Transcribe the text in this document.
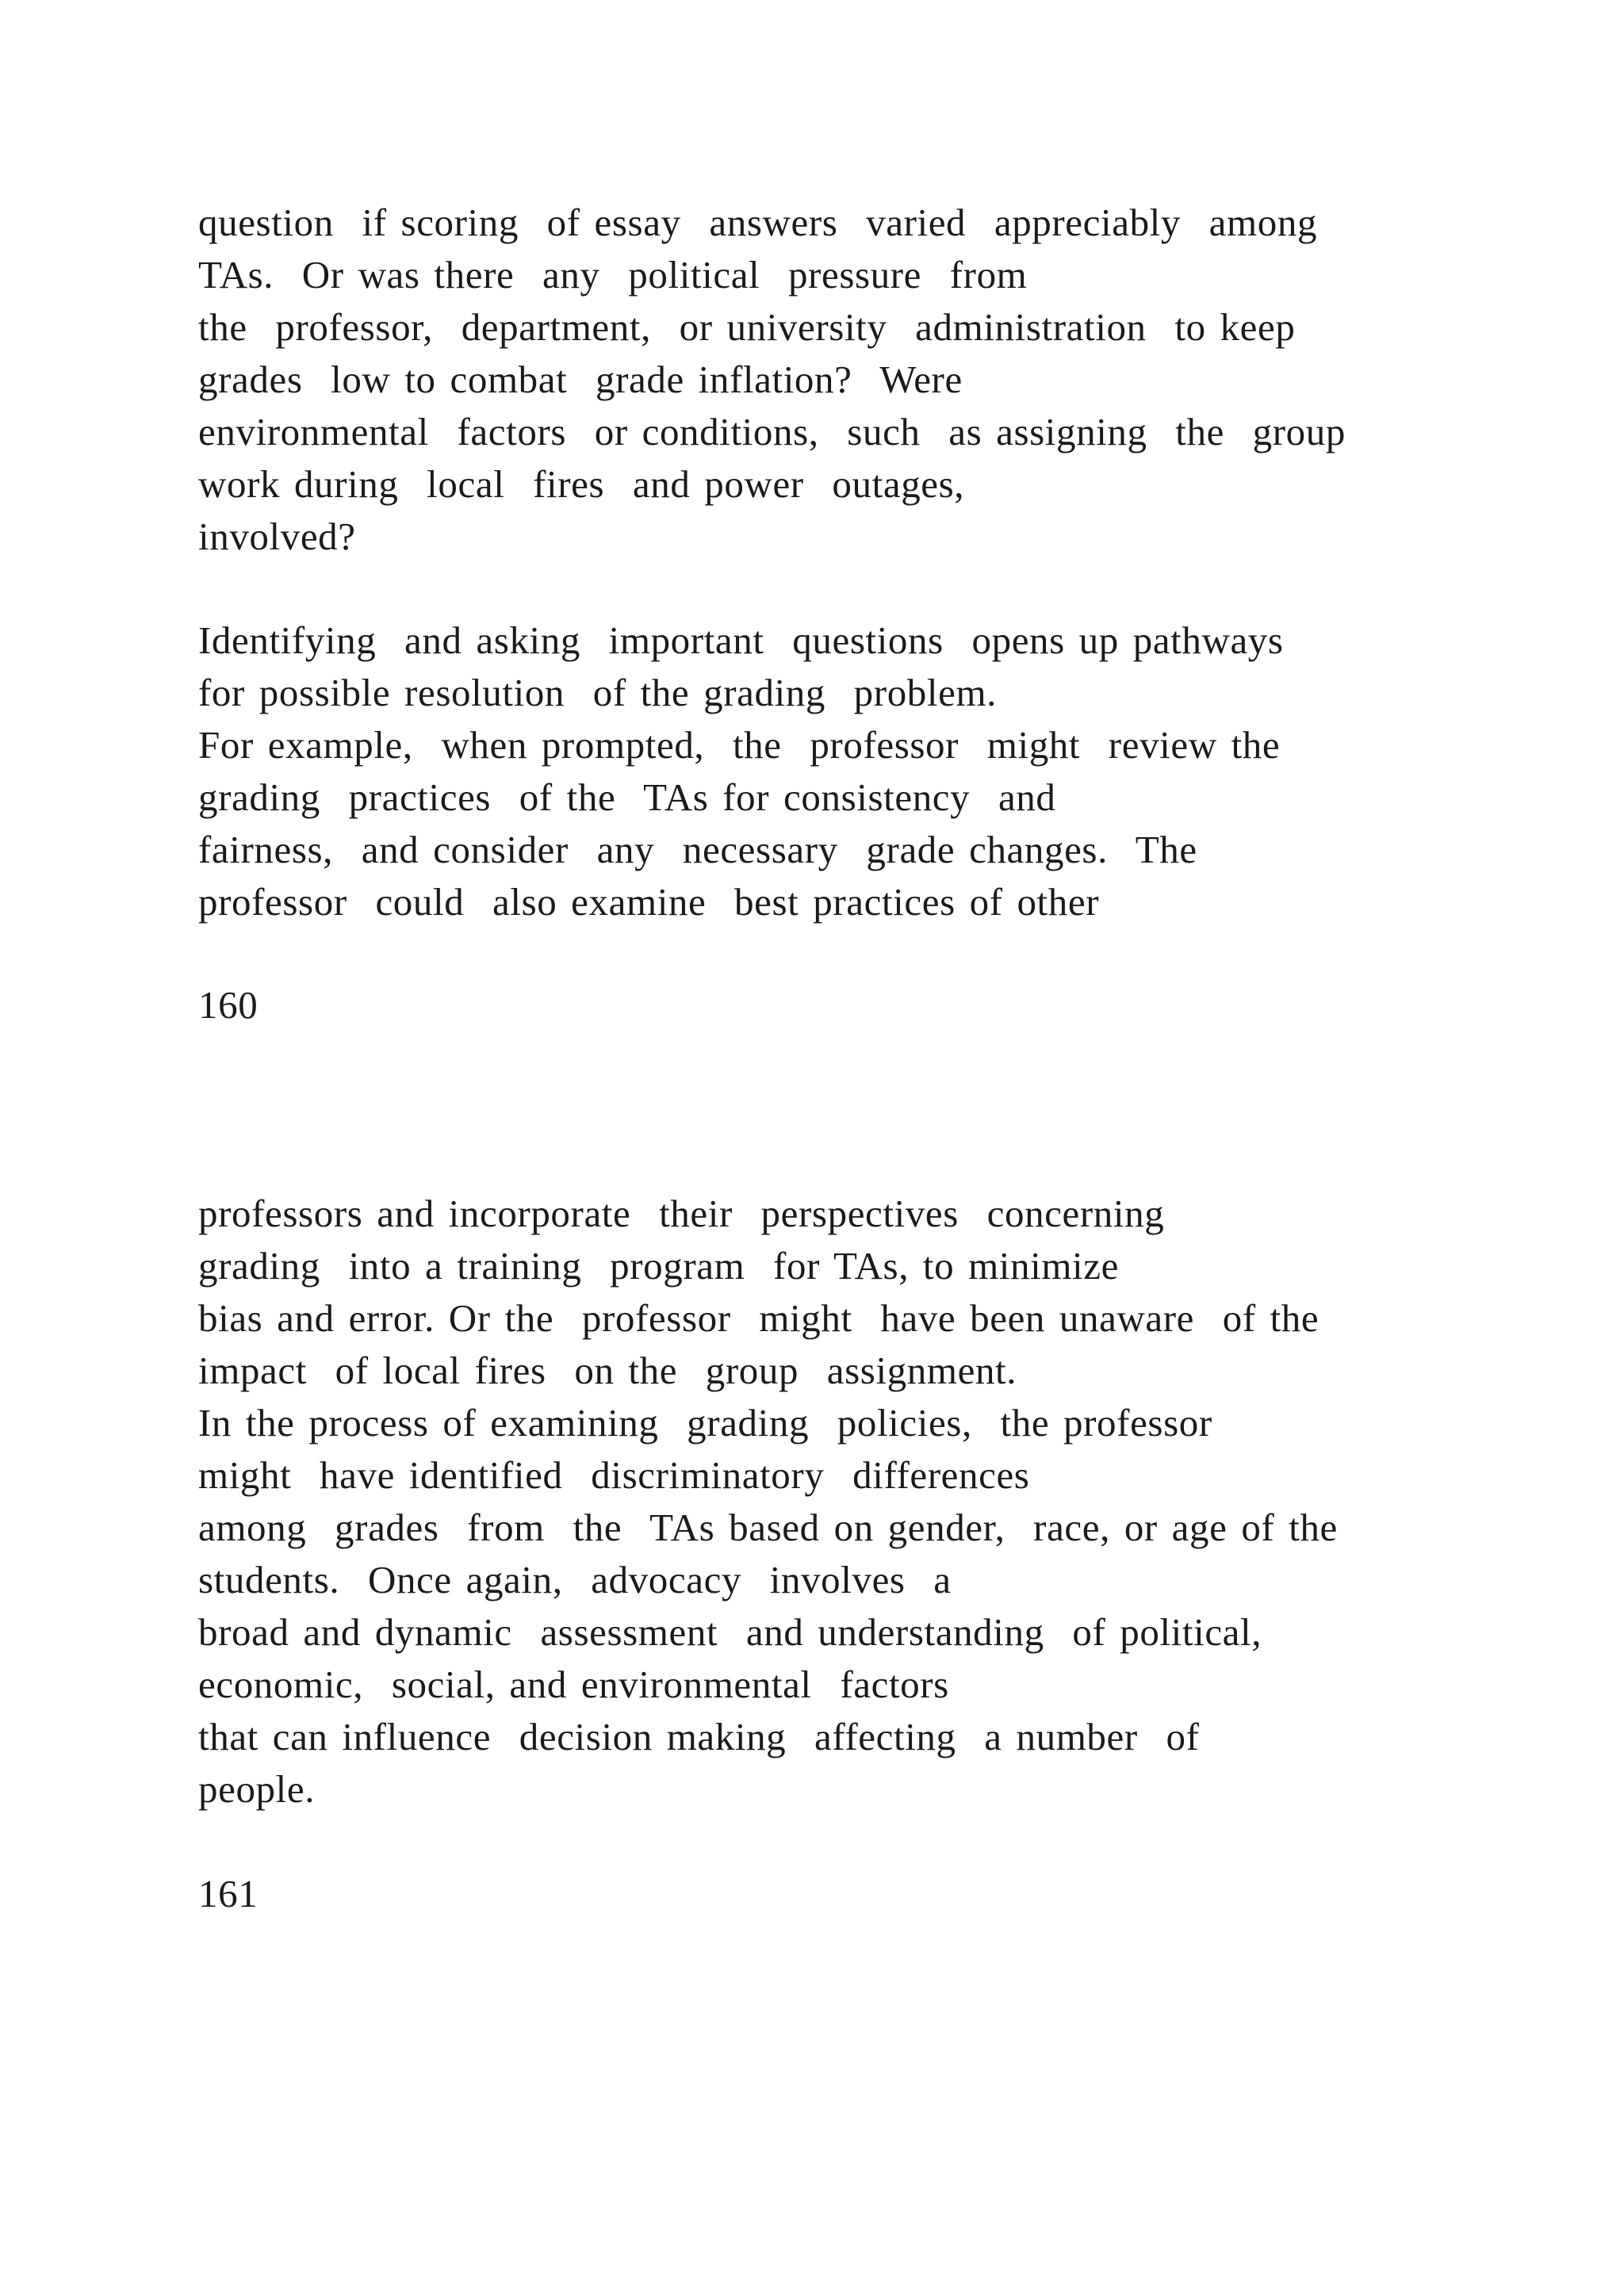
question  if scoring  of essay  answers  varied  appreciably  among
TAs.  Or was there  any  political  pressure  from
the  professor,  department,  or university  administration  to keep
grades  low to combat  grade inflation?  Were
environmental  factors  or conditions,  such  as assigning  the  group
work during  local  fires  and power  outages,
involved?
Identifying  and asking  important  questions  opens up pathways
for possible resolution  of the grading  problem.
For example,  when prompted,  the  professor  might  review the
grading  practices  of the  TAs for consistency  and
fairness,  and consider  any  necessary  grade changes.  The
professor  could  also examine  best practices of other
160
professors and incorporate  their  perspectives  concerning
grading  into a training  program  for TAs, to minimize
bias and error. Or the  professor  might  have been unaware  of the
impact  of local fires  on the  group  assignment.
In the process of examining  grading  policies,  the professor
might  have identified  discriminatory  differences
among  grades  from  the  TAs based on gender,  race, or age of the
students.  Once again,  advocacy  involves  a
broad and dynamic  assessment  and understanding  of political,
economic,  social, and environmental  factors
that can influence  decision making  affecting  a number  of
people.
161
